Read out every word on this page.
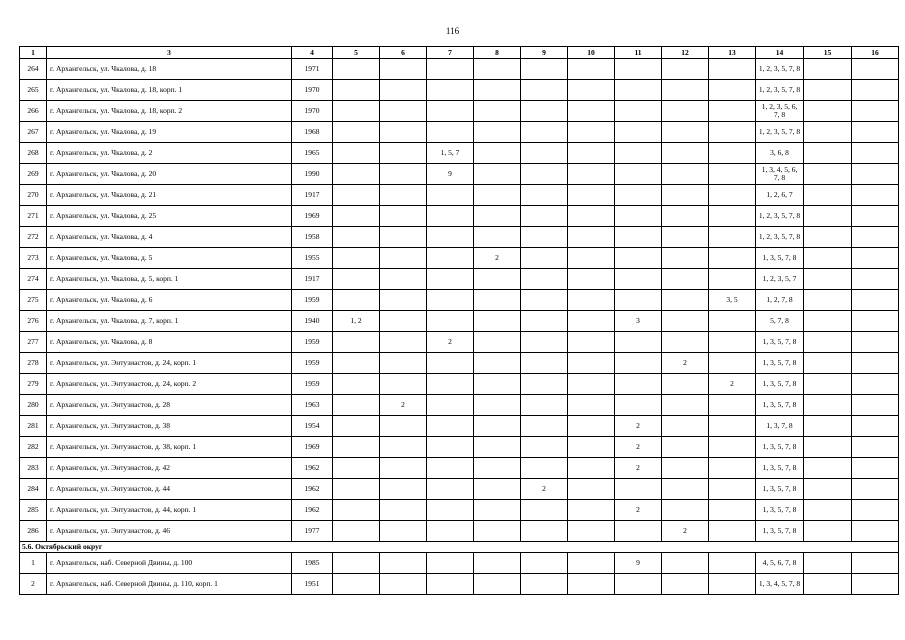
116
1	3	4	5	6	7	8	9	10	11	12	13	14	15	16
264	г. Архангельск, ул. Чкалова, д. 18	1971										1, 2, 3, 5, 7, 8		
265	г. Архангельск, ул. Чкалова, д. 18, корп. 1	1970										1, 2, 3, 5, 7, 8		
266	г. Архангельск, ул. Чкалова, д. 18, корп. 2	1970										1, 2, 3, 5, 6, 7, 8		
267	г. Архангельск, ул. Чкалова, д. 19	1968										1, 2, 3, 5, 7, 8		
268	г. Архангельск, ул. Чкалова, д. 2	1965			1, 5, 7							3, 6, 8		
269	г. Архангельск, ул. Чкалова, д. 20	1990			9							1, 3, 4, 5, 6, 7, 8		
270	г. Архангельск, ул. Чкалова, д. 21	1917										1, 2, 6, 7		
271	г. Архангельск, ул. Чкалова, д. 25	1969										1, 2, 3, 5, 7, 8		
272	г. Архангельск, ул. Чкалова, д. 4	1958										1, 2, 3, 5, 7, 8		
273	г. Архангельск, ул. Чкалова, д. 5	1955				2						1, 3, 5, 7, 8		
274	г. Архангельск, ул. Чкалова, д. 5, корп. 1	1917										1, 2, 3, 5, 7		
275	г. Архангельск, ул. Чкалова, д. 6	1959									3, 5	1, 2, 7, 8		
276	г. Архангельск, ул. Чкалова, д. 7, корп. 1	1940	1, 2						3			5, 7, 8		
277	г. Архангельск, ул. Чкалова, д. 8	1959			2							1, 3, 5, 7, 8		
278	г. Архангельск, ул. Энтузиастов, д. 24, корп. 1	1959								2		1, 3, 5, 7, 8		
279	г. Архангельск, ул. Энтузиастов, д. 24, корп. 2	1959									2	1, 3, 5, 7, 8		
280	г. Архангельск, ул. Энтузиастов, д. 28	1963		2								1, 3, 5, 7, 8		
281	г. Архангельск, ул. Энтузиастов, д. 38	1954							2			1, 3, 7, 8		
282	г. Архангельск, ул. Энтузиастов, д. 38, корп. 1	1969							2			1, 3, 5, 7, 8		
283	г. Архангельск, ул. Энтузиастов, д. 42	1962							2			1, 3, 5, 7, 8		
284	г. Архангельск, ул. Энтузиастов, д. 44	1962					2					1, 3, 5, 7, 8		
285	г. Архангельск, ул. Энтузиастов, д. 44, корп. 1	1962							2			1, 3, 5, 7, 8		
286	г. Архангельск, ул. Энтузиастов, д. 46	1977								2		1, 3, 5, 7, 8		
5.6. Октябрьский округ														
1	г. Архангельск, наб. Северной Двины, д. 100	1985							9			4, 5, 6, 7, 8		
2	г. Архангельск, наб. Северной Двины, д. 110, корп. 1	1951										1, 3, 4, 5, 7, 8		
